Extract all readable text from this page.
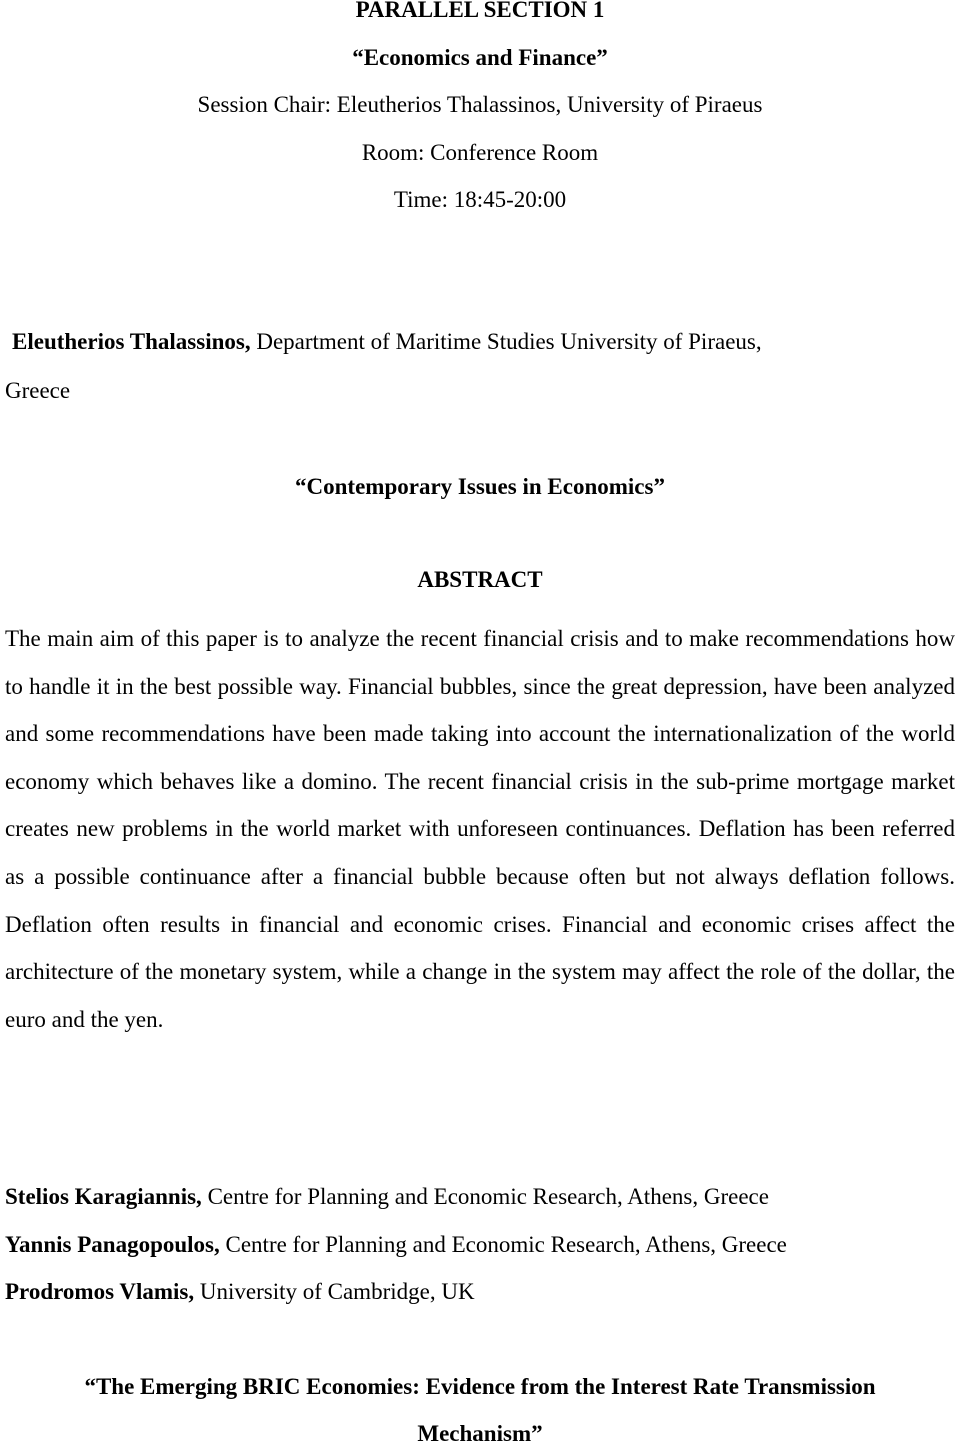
PARALLEL SECTION 1
“Economics and Finance”
Session Chair: Eleutherios Thalassinos, University of Piraeus
Room: Conference Room
Time: 18:45-20:00
Eleutherios Thalassinos, Department of Maritime Studies University of Piraeus,
Greece
“Contemporary Issues in Economics”
ABSTRACT

The main aim of this paper is to analyze the recent financial crisis and to make recommendations how to handle it in the best possible way. Financial bubbles, since the great depression, have been analyzed and some recommendations have been made taking into account the internationalization of the world economy which behaves like a domino. The recent financial crisis in the sub-prime mortgage market creates new problems in the world market with unforeseen continuances. Deflation has been referred as a possible continuance after a financial bubble because often but not always deflation follows. Deflation often results in financial and economic crises. Financial and economic crises affect the architecture of the monetary system, while a change in the system may affect the role of the dollar, the euro and the yen.

Stelios Karagiannis, Centre for Planning and Economic Research, Athens, Greece
Yannis Panagopoulos, Centre for Planning and Economic Research, Athens, Greece
Prodromos Vlamis, University of Cambridge, UK
“The Emerging BRIC Economies: Evidence from the Interest Rate Transmission
Mechanism”
